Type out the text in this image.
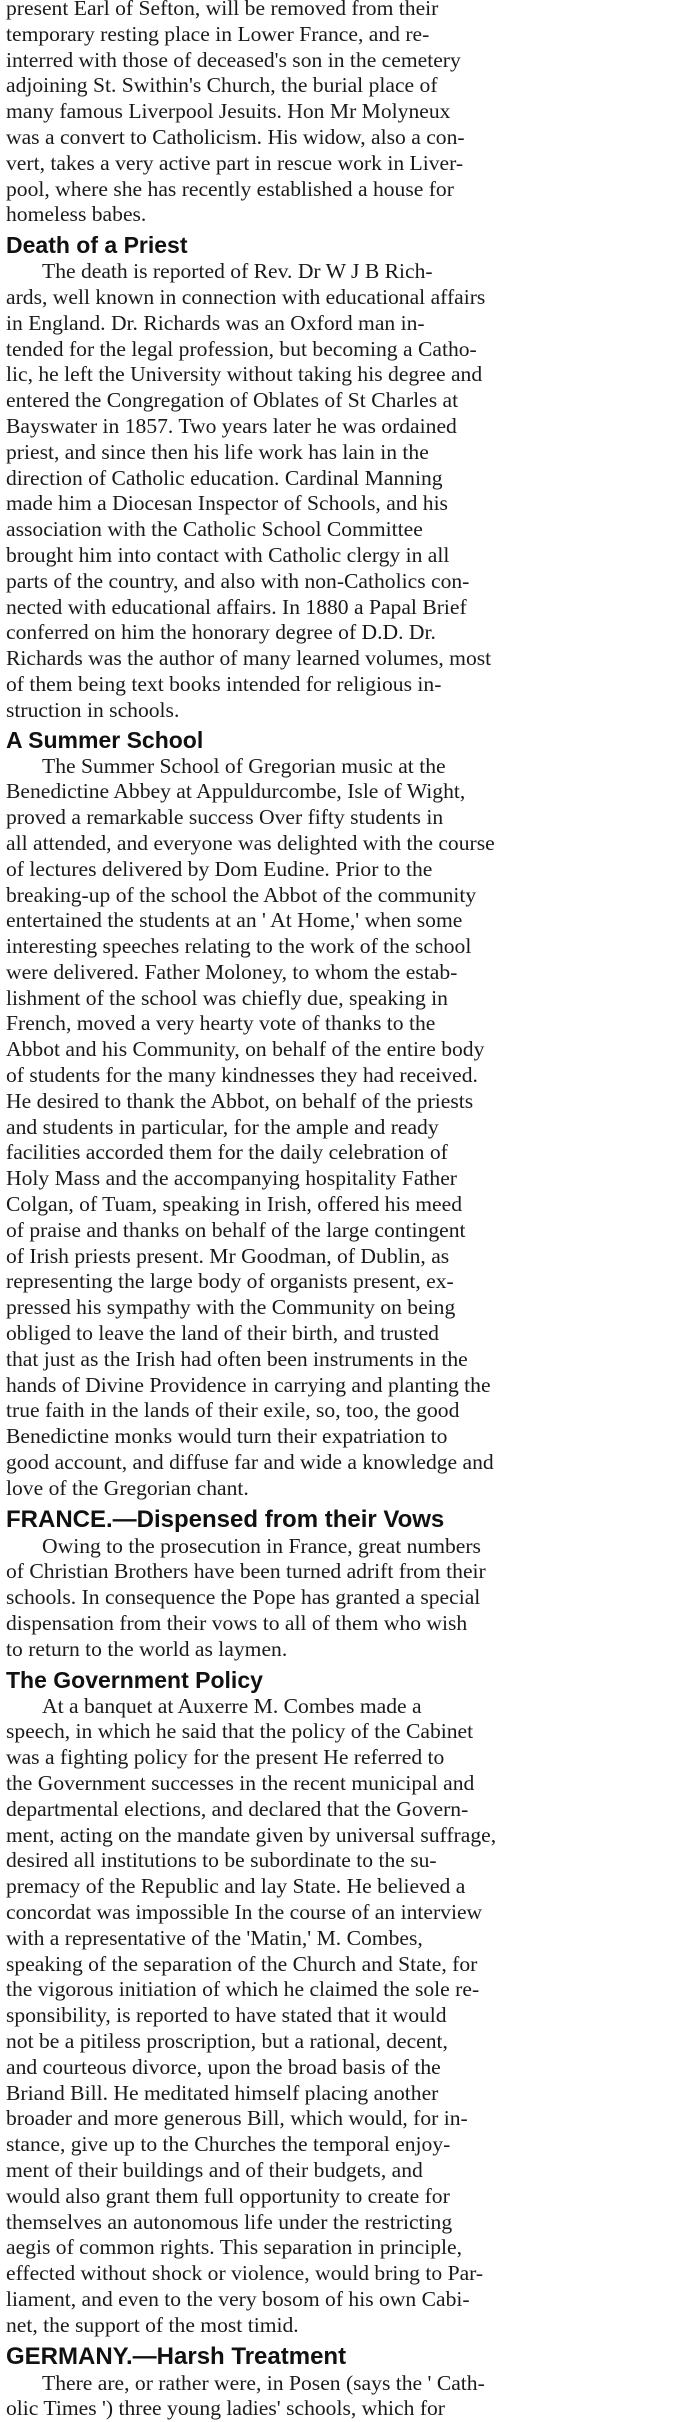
present Earl of Sefton, will be removed from their
temporary resting place in Lower France, and re-
interred with those of deceased's son in the cemetery
adjoining St. Swithin's Church, the burial place of
many famous Liverpool Jesuits. Hon Mr Molyneux
was a convert to Catholicism. His widow, also a con-
vert, takes a very active part in rescue work in Liver-
pool, where she has recently established a house for
homeless babes.

Death of a Priest

The death is reported of Rev. Dr W J B Rich-
ards, well known in connection with educational affairs
in England. Dr. Richards was an Oxford man in-
tended for the legal profession, but becoming a Catho-
lic, he left the University without taking his degree and
entered the Congregation of Oblates of St Charles at
Bayswater in 1857. Two years later he was ordained
priest, and since then his life work has lain in the
direction of Catholic education. Cardinal Manning
made him a Diocesan Inspector of Schools, and his
association with the Catholic School Committee
brought him into contact with Catholic clergy in all
parts of the country, and also with non-Catholics con-
nected with educational affairs. In 1880 a Papal Brief
conferred on him the honorary degree of D.D. Dr.
Richards was the author of many learned volumes, most
of them being text books intended for religious in-
struction in schools.

A Summer School

The Summer School of Gregorian music at the
Benedictine Abbey at Appuldurcombe, Isle of Wight,
proved a remarkable success Over fifty students in
all attended, and everyone was delighted with the course
of lectures delivered by Dom Eudine. Prior to the
breaking-up of the school the Abbot of the community
entertained the students at an ' At Home,' when some
interesting speeches relating to the work of the school
were delivered. Father Moloney, to whom the estab-
lishment of the school was chiefly due, speaking in
French, moved a very hearty vote of thanks to the
Abbot and his Community, on behalf of the entire body
of students for the many kindnesses they had received.
He desired to thank the Abbot, on behalf of the priests
and students in particular, for the ample and ready
facilities accorded them for the daily celebration of
Holy Mass and the accompanying hospitality Father
Colgan, of Tuam, speaking in Irish, offered his meed
of praise and thanks on behalf of the large contingent
of Irish priests present. Mr Goodman, of Dublin, as
representing the large body of organists present, ex-
pressed his sympathy with the Community on being
obliged to leave the land of their birth, and trusted
that just as the Irish had often been instruments in the
hands of Divine Providence in carrying and planting the
true faith in the lands of their exile, so, too, the good
Benedictine monks would turn their expatriation to
good account, and diffuse far and wide a knowledge and
love of the Gregorian chant.

FRANCE.—Dispensed from their Vows

Owing to the prosecution in France, great numbers
of Christian Brothers have been turned adrift from their
schools. In consequence the Pope has granted a special
dispensation from their vows to all of them who wish
to return to the world as laymen.

The Government Policy

At a banquet at Auxerre M. Combes made a
speech, in which he said that the policy of the Cabinet
was a fighting policy for the present He referred to
the Government successes in the recent municipal and
departmental elections, and declared that the Govern-
ment, acting on the mandate given by universal suffrage,
desired all institutions to be subordinate to the su-
premacy of the Republic and lay State. He believed a
concordat was impossible In the course of an interview
with a representative of the 'Matin,' M. Combes,
speaking of the separation of the Church and State, for
the vigorous initiation of which he claimed the sole re-
sponsibility, is reported to have stated that it would
not be a pitiless proscription, but a rational, decent,
and courteous divorce, upon the broad basis of the
Briand Bill. He meditated himself placing another
broader and more generous Bill, which would, for in-
stance, give up to the Churches the temporal enjoy-
ment of their buildings and of their budgets, and
would also grant them full opportunity to create for
themselves an autonomous life under the restricting
aegis of common rights. This separation in principle,
effected without shock or violence, would bring to Par-
liament, and even to the very bosom of his own Cabi-
net, the support of the most timid.

GERMANY.—Harsh Treatment

There are, or rather were, in Posen (says the ' Cath-
olic Times ') three young ladies' schools, which for
